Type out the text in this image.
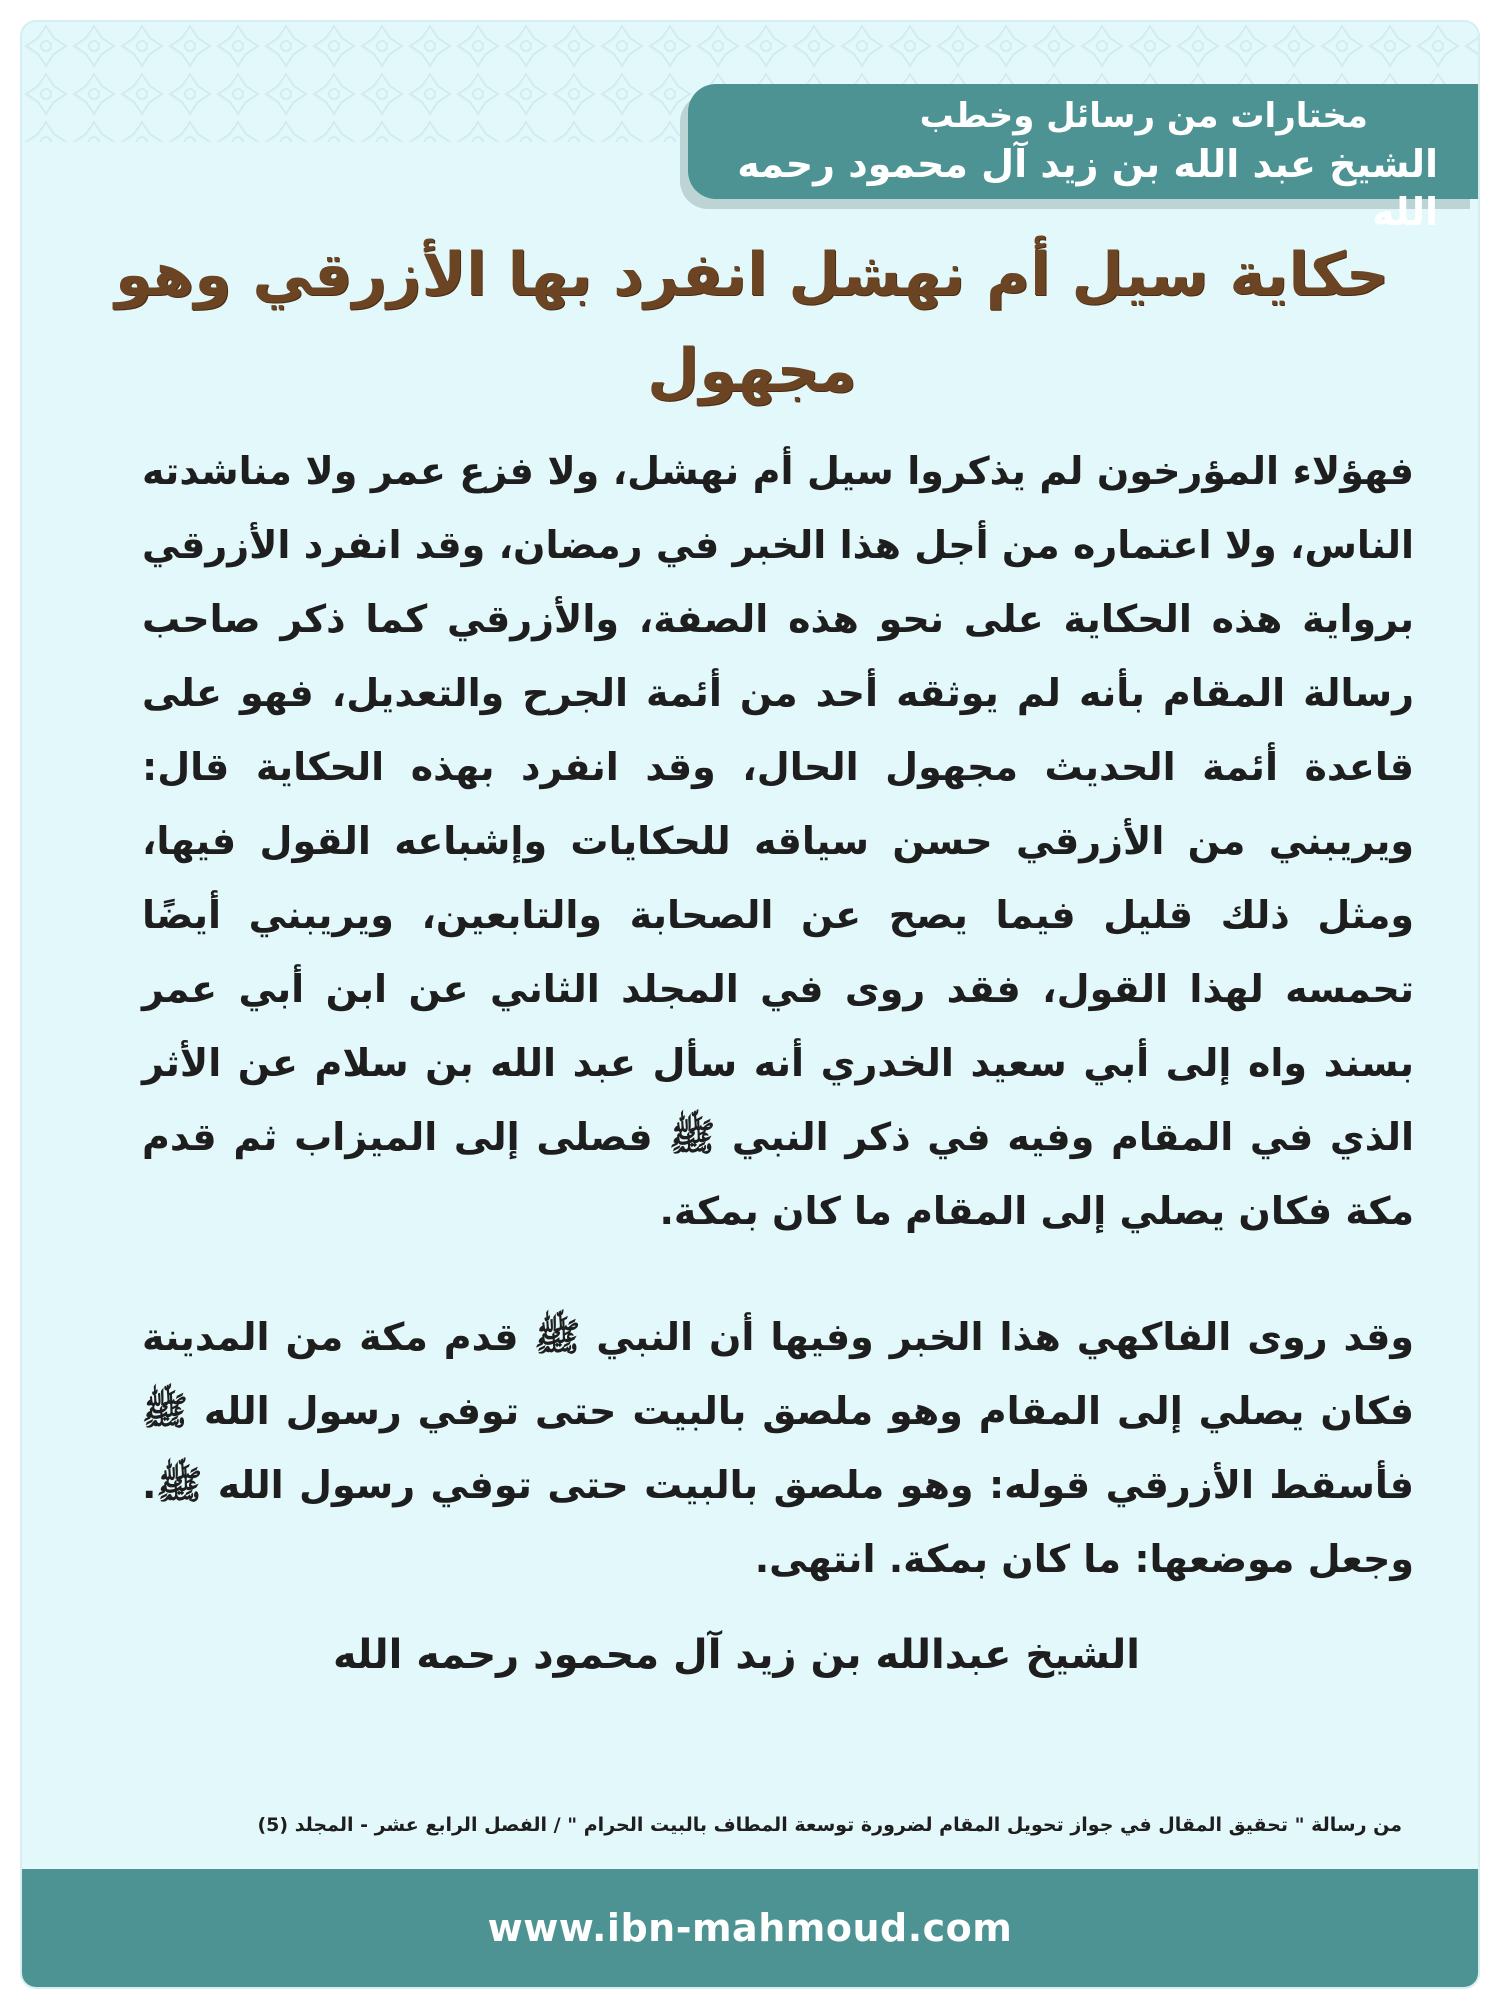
مختارات من رسائل وخطب
الشيخ عبد الله بن زيد آل محمود رحمه الله
حكاية سيل أم نهشل انفرد بها الأزرقي وهو مجهول

فهؤلاء المؤرخون لم يذكروا سيل أم نهشل، ولا فزع عمر ولا مناشدته الناس، ولا اعتماره من أجل هذا الخبر في رمضان، وقد انفرد الأزرقي برواية هذه الحكاية على نحو هذه الصفة، والأزرقي كما ذكر صاحب رسالة المقام بأنه لم يوثقه أحد من أئمة الجرح والتعديل، فهو على قاعدة أئمة الحديث مجهول الحال، وقد انفرد بهذه الحكاية قال: ويريبني من الأزرقي حسن سياقه للحكايات وإشباعه القول فيها، ومثل ذلك قليل فيما يصح عن الصحابة والتابعين، ويريبني أيضًا تحمسه لهذا القول، فقد روى في المجلد الثاني عن ابن أبي عمر بسند واه إلى أبي سعيد الخدري أنه سأل عبد الله بن سلام عن الأثر الذي في المقام وفيه في ذكر النبي ﷺ فصلى إلى الميزاب ثم قدم مكة فكان يصلي إلى المقام ما كان بمكة.

وقد روى الفاكهي هذا الخبر وفيها أن النبي ﷺ قدم مكة من المدينة فكان يصلي إلى المقام وهو ملصق بالبيت حتى توفي رسول الله ﷺ فأسقط الأزرقي قوله: وهو ملصق بالبيت حتى توفي رسول الله ﷺ. وجعل موضعها: ما كان بمكة. انتهى.

من رسالة " تحقيق المقال في جواز تحويل المقام لضرورة توسعة المطاف بالبيت الحرام " / الفصل الرابع عشر - المجلد (5)

www.ibn-mahmoud.com

الشيخ عبدالله بن زيد آل محمود رحمه الله
